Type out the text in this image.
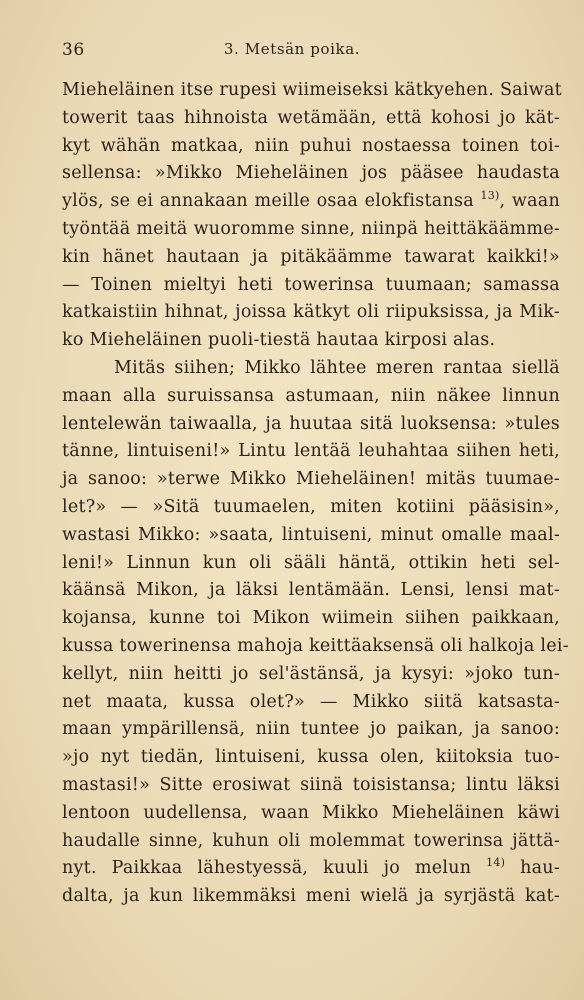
36	3. Metsän poika.
Mieheläinen itse rupesi wiimeiseksi kätkyehen. Saiwat
towerit taas hihnoista wetämään, että kohosi jo kät-
kyt wähän matkaa, niin puhui nostaessa toinen toi-
sellensa: »Mikko Mieheläinen jos pääsee haudasta
ylös, se ei annakaan meille osaa elokfistansa $^{13)}$, waan
työntää meitä wuoromme sinne, niinpä heittäkäämme-
kin hänet hautaan ja pitäkäämme tawarat kaikki!»
— Toinen mieltyi heti towerinsa tuumaan; samassa
katkaistiin hihnat, joissa kätkyt oli riipuksissa, ja Mik-
ko Mieheläinen puoli-tiestä hautaa kirposi alas.
Mitäs siihen; Mikko lähtee meren rantaa siellä
maan alla suruissansa astumaan, niin näkee linnun
lentelewän taiwaalla, ja huutaa sitä luoksensa: »tules
tänne, lintuiseni!» Lintu lentää leuhahtaa siihen heti,
ja sanoo: »terwe Mikko Mieheläinen! mitäs tuumae-
let?» — »Sitä tuumaelen, miten kotiini pääsisin»,
wastasi Mikko: »saata, lintuiseni, minut omalle maal-
leni!» Linnun kun oli sääli häntä, ottikin heti sel-
käänsä Mikon, ja läksi lentämään. Lensi, lensi mat-
kojansa, kunne toi Mikon wiimein siihen paikkaan,
kussa towerinensa mahoja keittäaksensä oli halkoja lei-
kellyt, niin heitti jo sel'ästänsä, ja kysyi: »joko tun-
net maata, kussa olet?» — Mikko siitä katsasta-
maan ympärillensä, niin tuntee jo paikan, ja sanoo:
»jo nyt tiedän, lintuiseni, kussa olen, kiitoksia tuo-
mastasi!» Sitte erosiwat siinä toisistansa; lintu läksi
lentoon uudellensa, waan Mikko Mieheläinen käwi
haudalle sinne, kuhun oli molemmat towerinsa jättä-
nyt. Paikkaa lähestyessä, kuuli jo melun $^{14)}$ hau-
dalta, ja kun likemmäksi meni wielä ja syrjästä kat-
